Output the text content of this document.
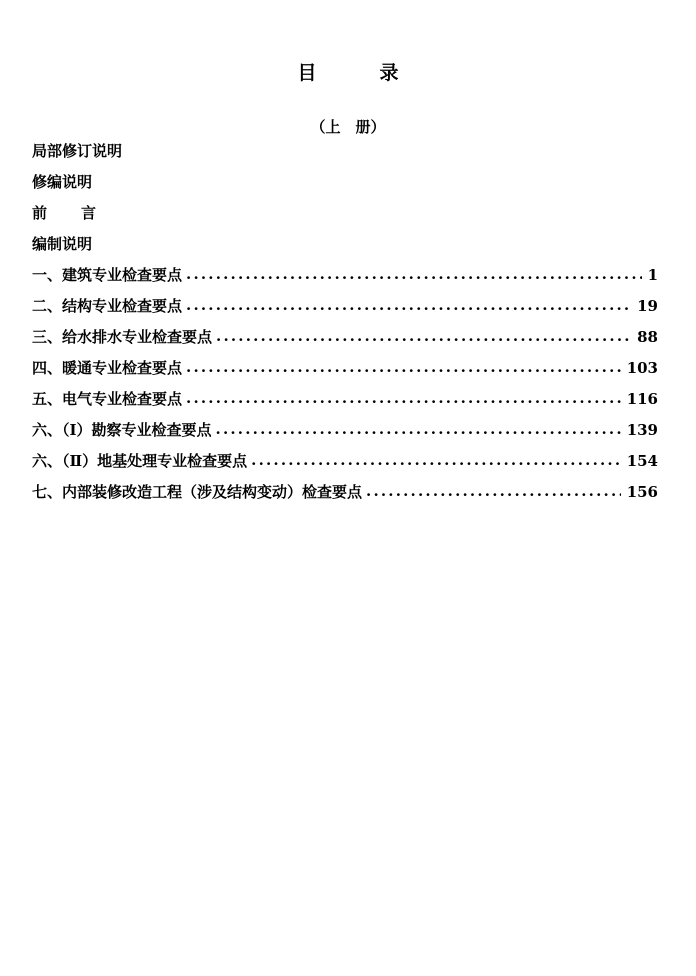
目　录
（上　册）
局部修订说明
修编说明
前言
编制说明
一、建筑专业检查要点 .....	1
二、结构专业检查要点 .....	19
三、给水排水专业检查要点 .....	88
四、暖通专业检查要点 .....	103
五、电气专业检查要点 .....	116
六、（Ⅰ）勘察专业检查要点 .....	139
六、（Ⅱ）地基处理专业检查要点 .....	154
七、内部装修改造工程（涉及结构变动）检查要点 .....	156
